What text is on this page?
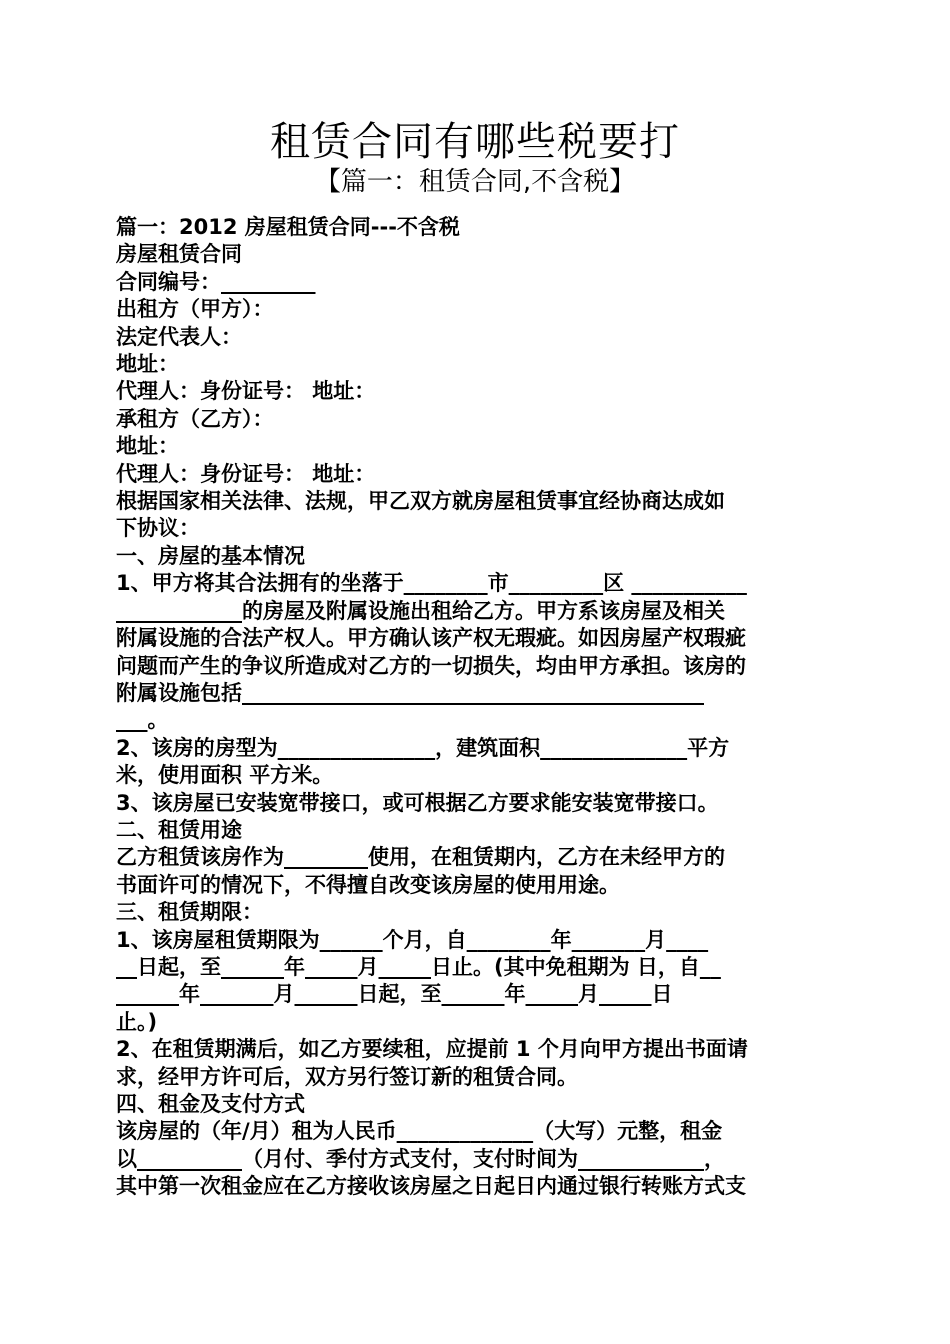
租赁合同有哪些税要打
【篇一：租赁合同,不含税】
篇一：2012 房屋租赁合同---不含税
房屋租赁合同
合同编号：_________
出租方（甲方）：
法定代表人：
地址：
代理人：身份证号： 地址：
承租方（乙方）：
地址：
代理人：身份证号： 地址：
根据国家相关法律、法规，甲乙双方就房屋租赁事宜经协商达成如
下协议：
一、房屋的基本情况
1、甲方将其合法拥有的坐落于________市_________区 ___________
____________的房屋及附属设施出租给乙方。甲方系该房屋及相关
附属设施的合法产权人。甲方确认该产权无瑕疵。如因房屋产权瑕疵
问题而产生的争议所造成对乙方的一切损失，均由甲方承担。该房的
附属设施包括____________________________________________
___。
2、该房的房型为_______________，建筑面积______________平方
米，使用面积 平方米。
3、该房屋已安装宽带接口，或可根据乙方要求能安装宽带接口。
二、租赁用途
乙方租赁该房作为________使用，在租赁期内，乙方在未经甲方的
书面许可的情况下，不得擅自改变该房屋的使用用途。
三、租赁期限：
1、该房屋租赁期限为______个月，自________年_______月____
__日起，至______年_____月_____日止。(其中免租期为 日，自__
______年_______月______日起，至______年_____月_____日
止。)
2、在租赁期满后，如乙方要续租，应提前 1 个月向甲方提出书面请
求，经甲方许可后，双方另行签订新的租赁合同。
四、租金及支付方式
该房屋的（年/月）租为人民币_____________（大写）元整，租金
以__________（月付、季付方式支付，支付时间为____________，
其中第一次租金应在乙方接收该房屋之日起日内通过银行转账方式支
